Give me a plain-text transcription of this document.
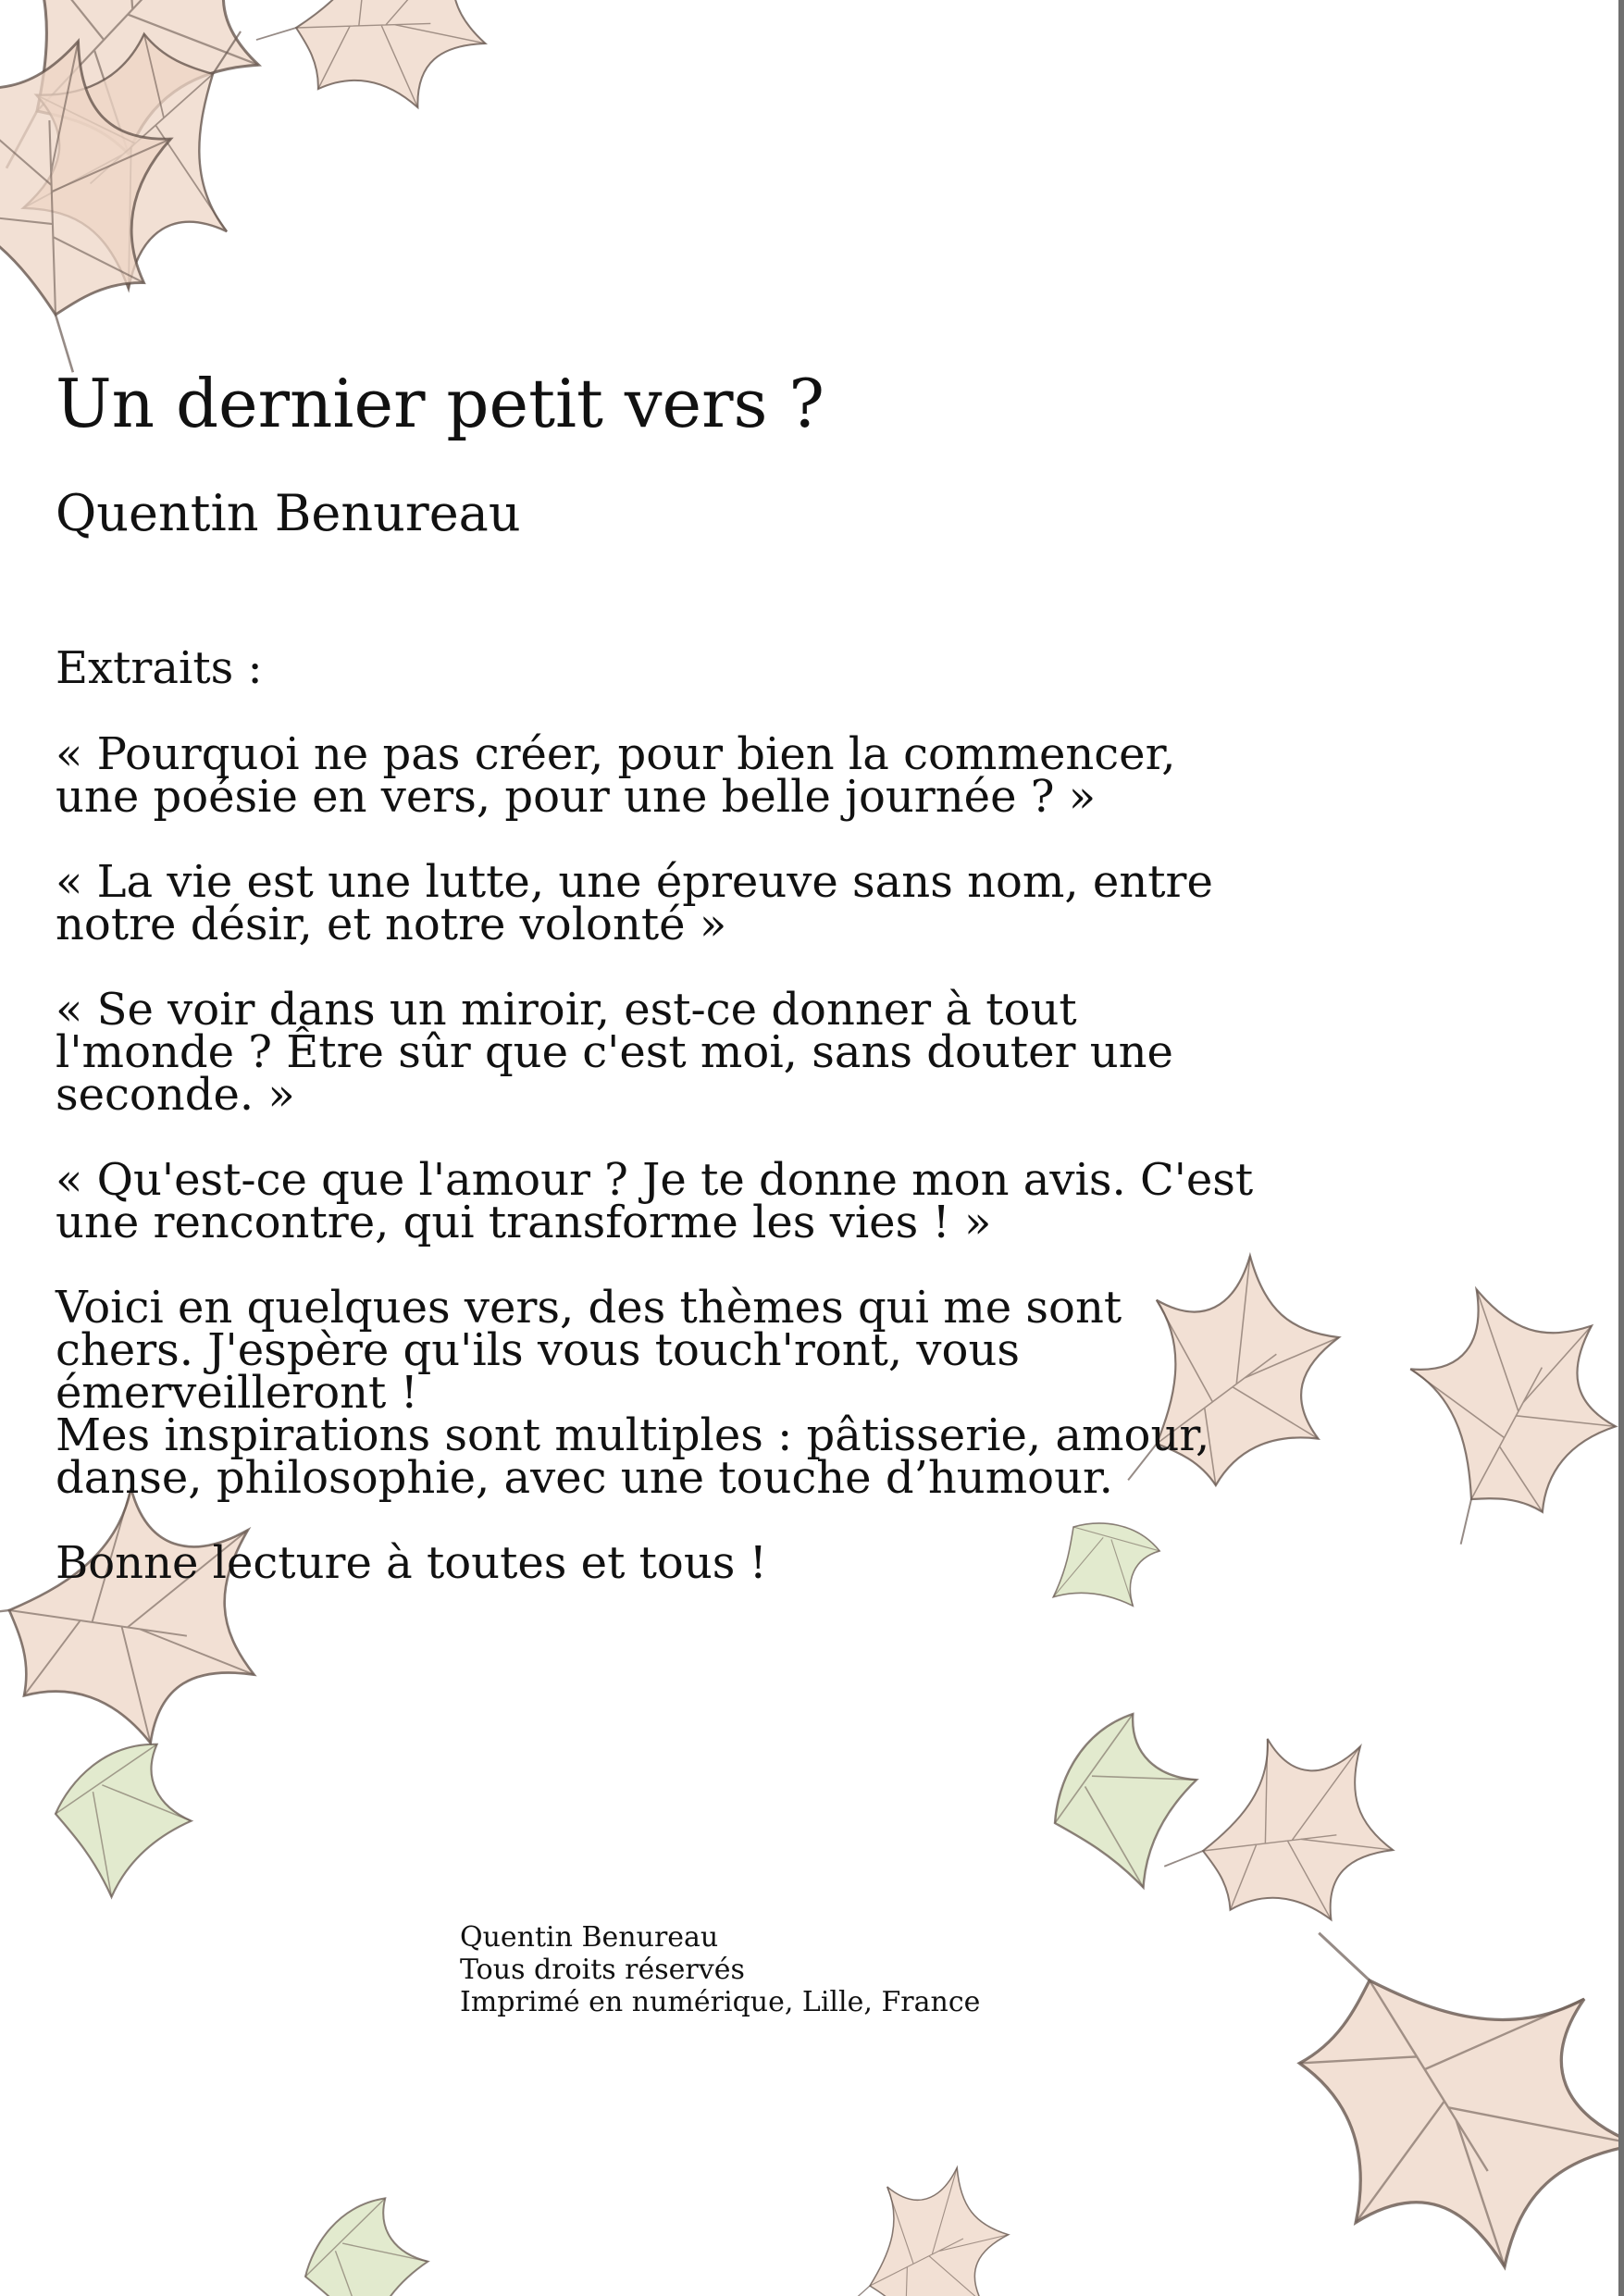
Un dernier petit vers ?
Quentin Benureau
Extraits :
« Pourquoi ne pas créer, pour bien la commencer,
une poésie en vers, pour une belle journée ? »
« La vie est une lutte, une épreuve sans nom, entre
notre désir, et notre volonté »
« Se voir dans un miroir, est-ce donner à tout
l'monde ? Être sûr que c'est moi, sans douter une
seconde. »
« Qu'est-ce que l'amour ? Je te donne mon avis. C'est
une rencontre, qui transforme les vies ! »
Voici en quelques vers, des thèmes qui me sont
chers. J'espère qu'ils vous touch'ront, vous
émerveilleront !
Mes inspirations sont multiples : pâtisserie, amour,
danse, philosophie, avec une touche d’humour.
Bonne lecture à toutes et tous !
Quentin Benureau
Tous droits réservés
Imprimé en numérique, Lille, France
